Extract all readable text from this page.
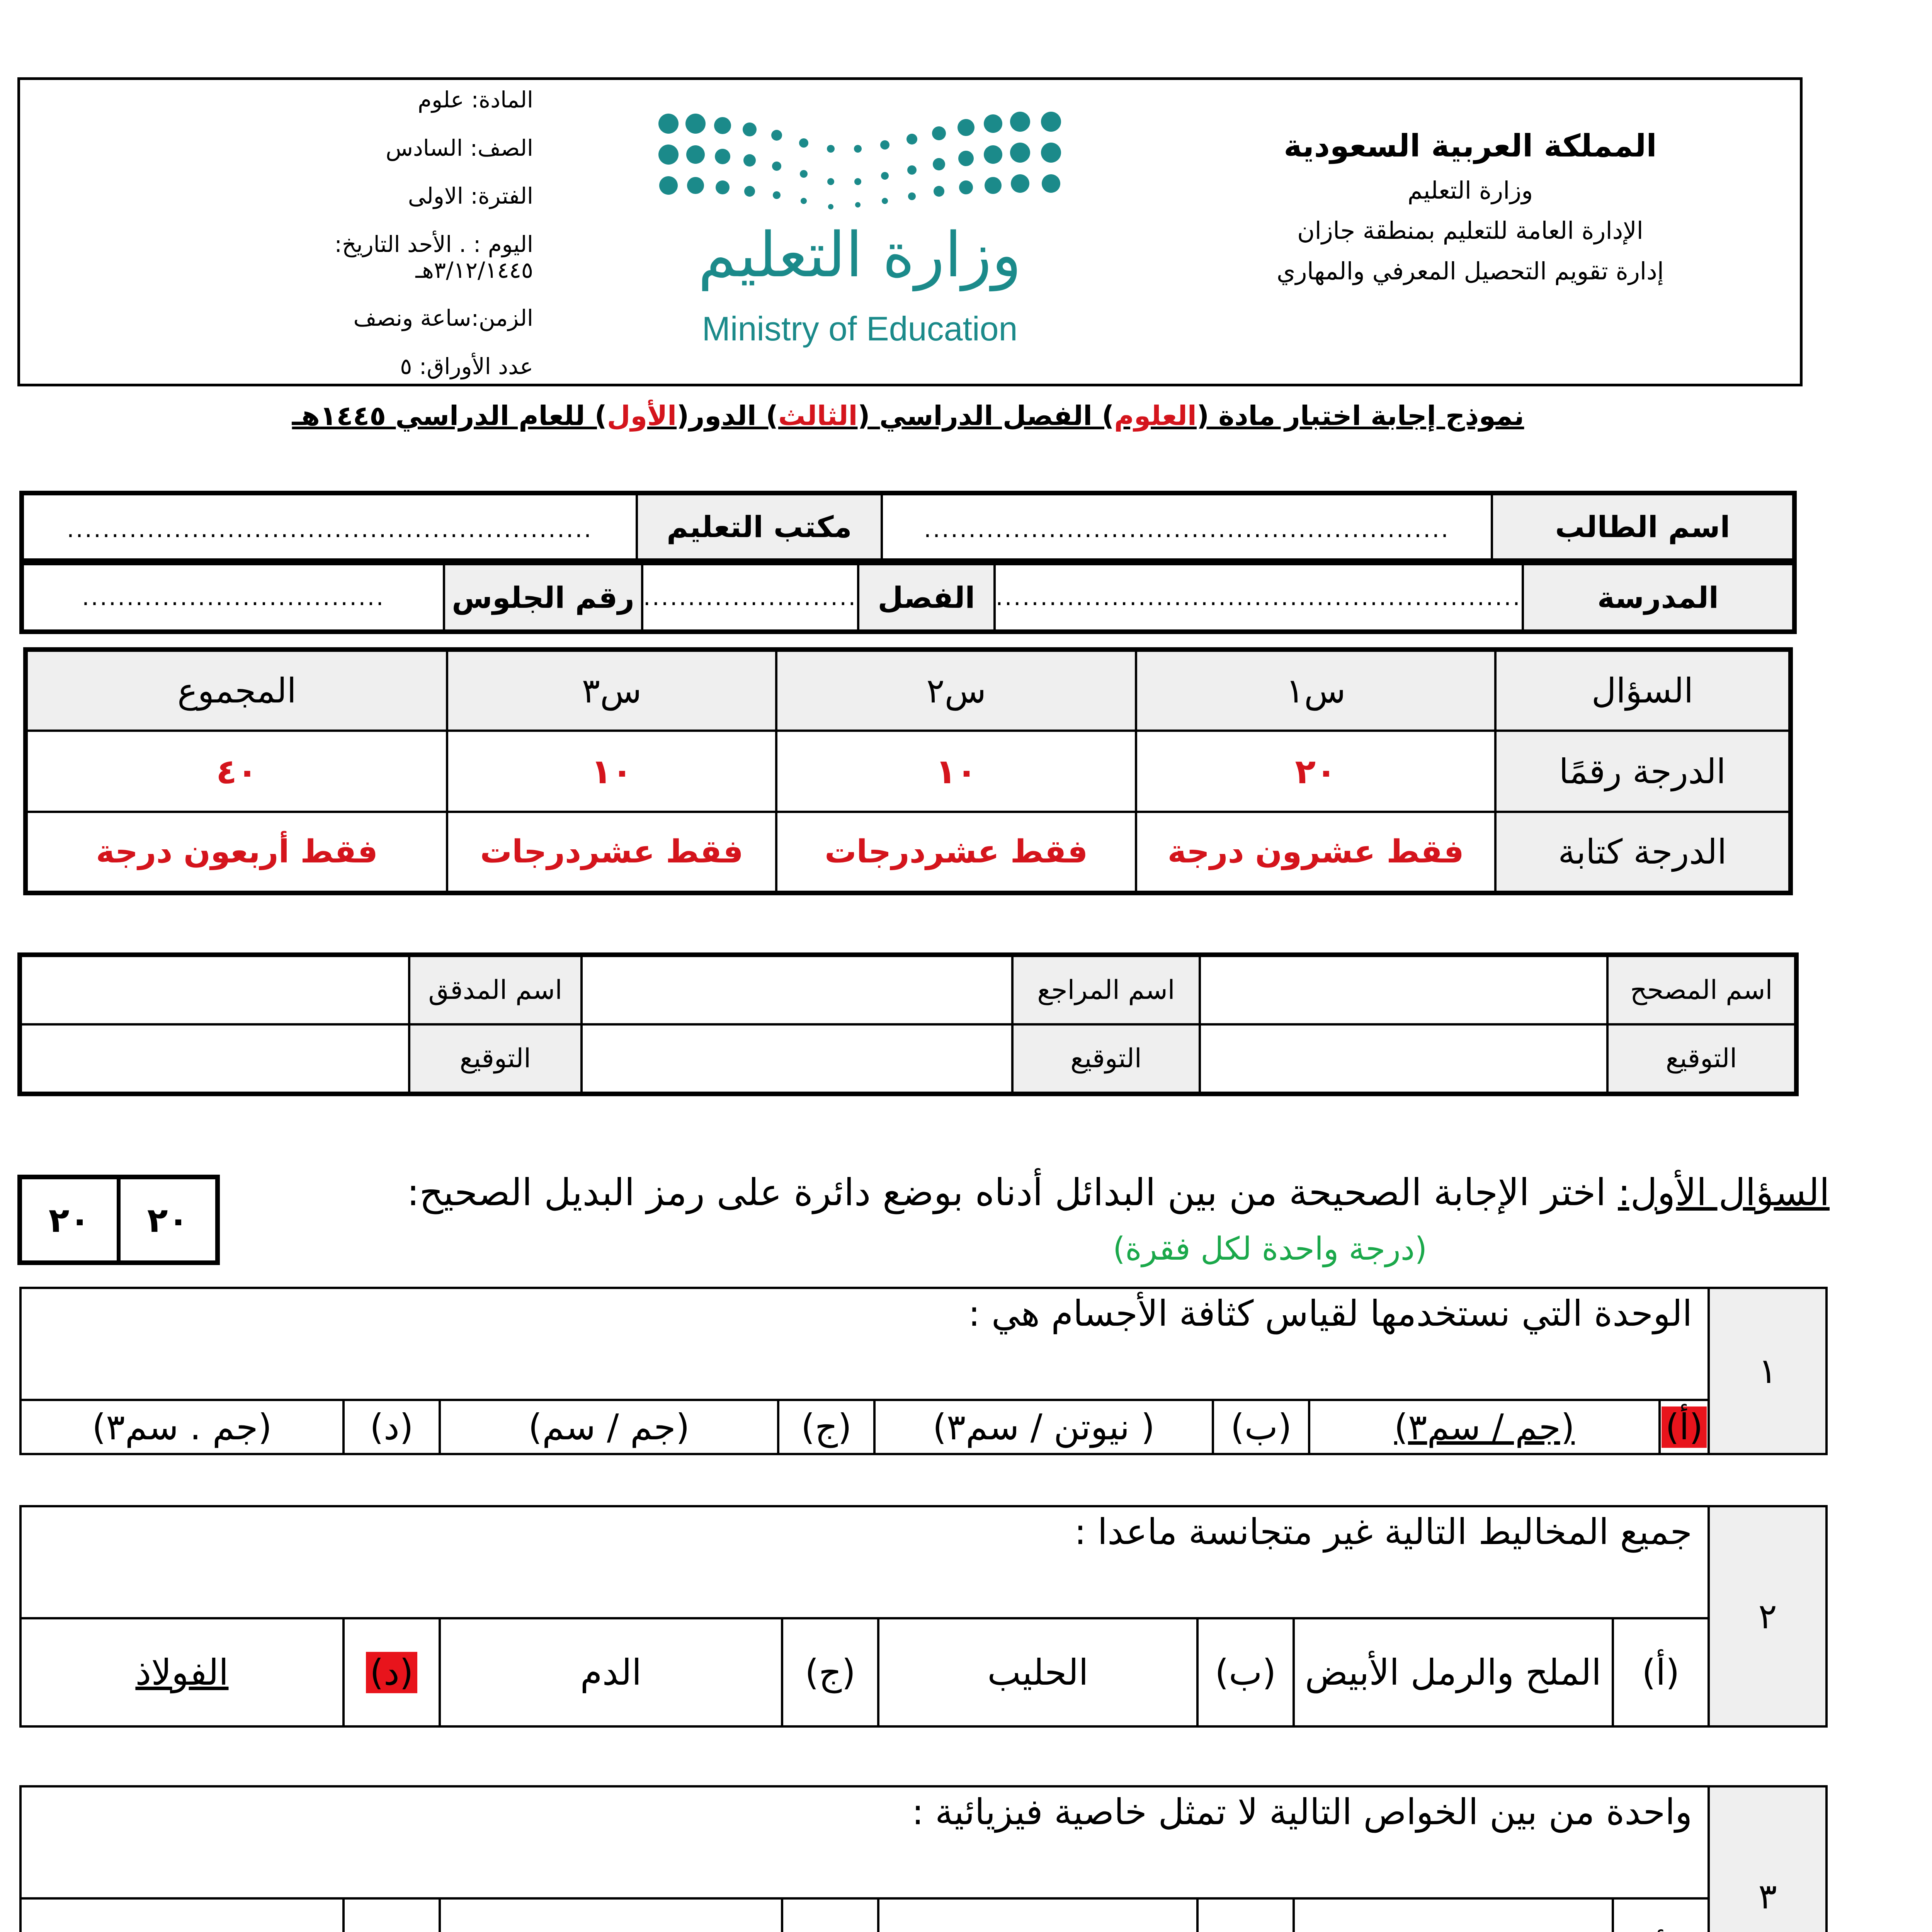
المملكة العربية السعودية
وزارة التعليم
الإدارة العامة للتعليم بمنطقة جازان
إدارة تقويم التحصيل المعرفي والمهاري
وزارة التعليم
Ministry of Education
المادة: علوم
الصف: السادس
الفترة: الاولى
اليوم : . الأحد التاريخ: ٣/١٢/١٤٤٥هـ
الزمن:ساعة ونصف
عدد الأوراق: ٥
نموذج إجابة اختبار مادة (العلوم) الفصل الدراسي (الثالث) الدور(الأول) للعام الدراسي ١٤٤٥هـ
اسم الطالب	...........................................................	مكتب التعليم	...........................................................
المدرسة	...........................................................	الفصل	........................	رقم الجلوس	..................................
السؤال	س١	س٢	س٣	المجموع
الدرجة رقمًا	٢٠	١٠	١٠	٤٠
الدرجة كتابة	فقط عشرون درجة	فقط عشردرجات	فقط عشردرجات	فقط أربعون درجة
اسم المصحح		اسم المراجع		اسم المدقق	
التوقيع		التوقيع		التوقيع	
السؤال الأول: اختر الإجابة الصحيحة من بين البدائل أدناه بوضع دائرة على رمز البديل الصحيح:
(درجة واحدة لكل فقرة)
٢٠	٢٠
١	الوحدة التي نستخدمها لقياس كثافة الأجسام هي :							
	(أ)	(جم / سم٣)	(ب)	( نيوتن / سم٣)	(ج)	(جم / سم)	(د)	(جم . سم٣)
٢	جميع المخاليط التالية غير متجانسة ماعدا :							
	(أ)	الملح والرمل الأبيض	(ب)	الحليب	(ج)	الدم	(د)	الفولاذ
٣	واحدة من بين الخواص التالية لا تمثل خاصية فيزيائية :							
